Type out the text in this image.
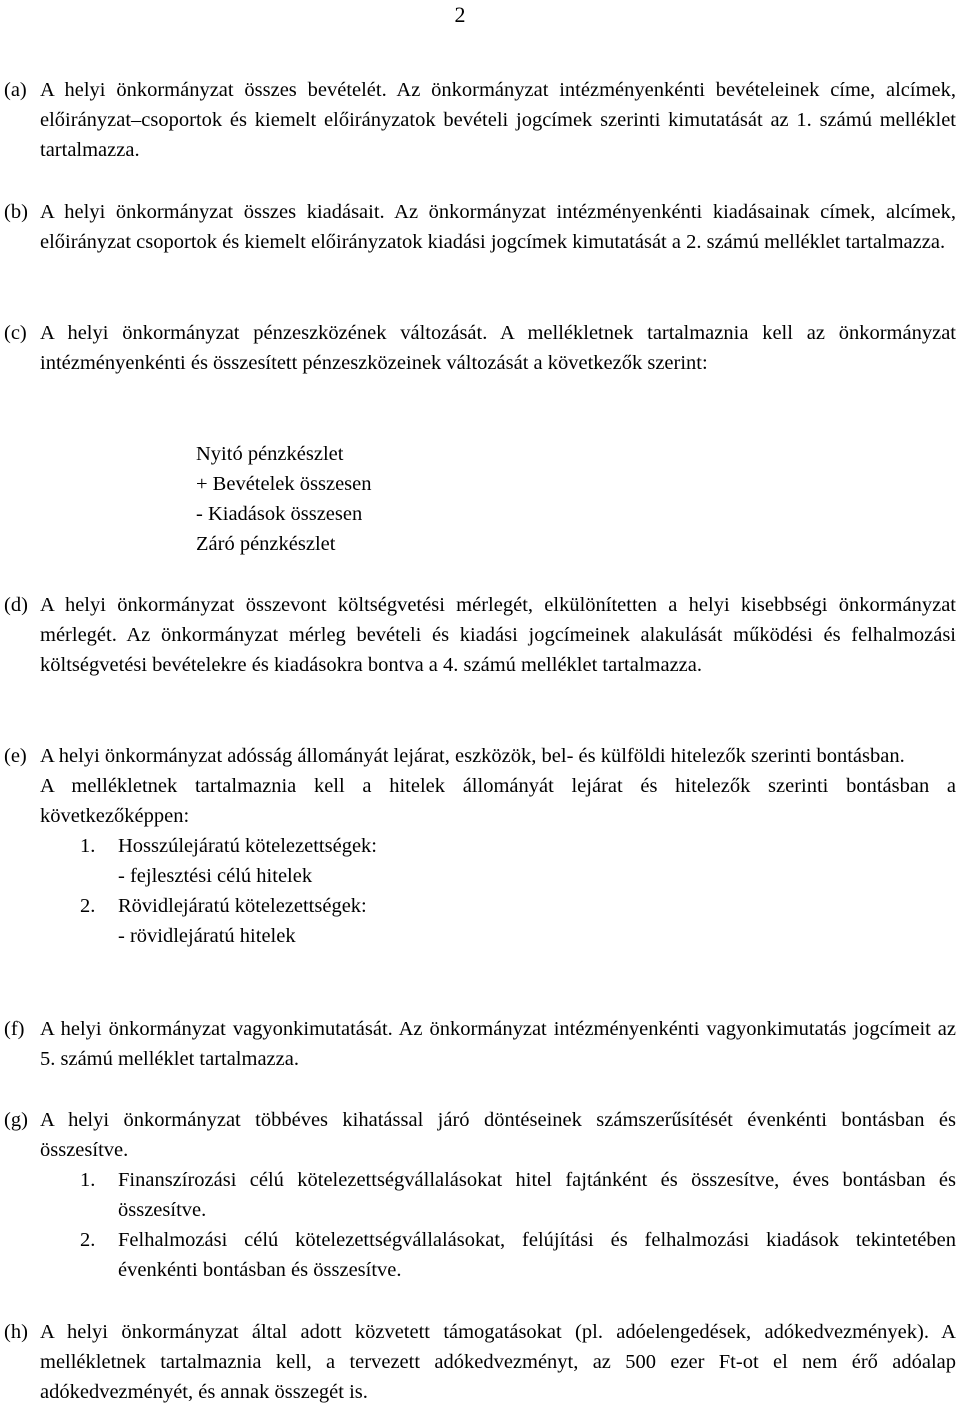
2
(a) A helyi önkormányzat összes bevételét. Az önkormányzat intézményenkénti bevételeinek címe, alcímek, előirányzat–csoportok és kiemelt előirányzatok bevételi jogcímek szerinti kimutatását az 1. számú melléklet tartalmazza.
(b) A helyi önkormányzat összes kiadásait. Az önkormányzat intézményenkénti kiadásainak címek, alcímek, előirányzat csoportok és kiemelt előirányzatok kiadási jogcímek kimutatását a 2. számú melléklet tartalmazza.
(c) A helyi önkormányzat pénzeszközének változását. A mellékletnek tartalmaznia kell az önkormányzat intézményenkénti és összesített pénzeszközeinek változását a következők szerint:
Nyitó pénzkészlet
+ Bevételek összesen
- Kiadások összesen
Záró pénzkészlet
(d) A helyi önkormányzat összevont költségvetési mérlegét, elkülönítetten a helyi kisebbségi önkormányzat mérlegét. Az önkormányzat mérleg bevételi és kiadási jogcímeinek alakulását működési és felhalmozási költségvetési bevételekre és kiadásokra bontva a 4. számú melléklet tartalmazza.
(e) A helyi önkormányzat adósság állományát lejárat, eszközök, bel- és külföldi hitelezők szerinti bontásban.
A mellékletnek tartalmaznia kell a hitelek állományát lejárat és hitelezők szerinti bontásban a következőképpen:
1. Hosszúlejáratú kötelezettségek:
- fejlesztési célú hitelek
2. Rövidlejáratú kötelezettségek:
- rövidlejáratú hitelek
(f) A helyi önkormányzat vagyonkimutatását. Az önkormányzat intézményenkénti vagyonkimutatás jogcímeit az 5. számú melléklet tartalmazza.
(g) A helyi önkormányzat többéves kihatással járó döntéseinek számszerűsítését évenkénti bontásban és összesítve.
1. Finanszírozási célú kötelezettségvállalásokat hitel fajtánként és összesítve, éves bontásban és összesítve.
2. Felhalmozási célú kötelezettségvállalásokat, felújítási és felhalmozási kiadások tekintetében évenkénti bontásban és összesítve.
(h) A helyi önkormányzat által adott közvetett támogatásokat (pl. adóelengedések, adókedvezmények). A mellékletnek tartalmaznia kell, a tervezett adókedvezményt, az 500 ezer Ft-ot el nem érő adóalap adókedvezményét, és annak összegét is.
